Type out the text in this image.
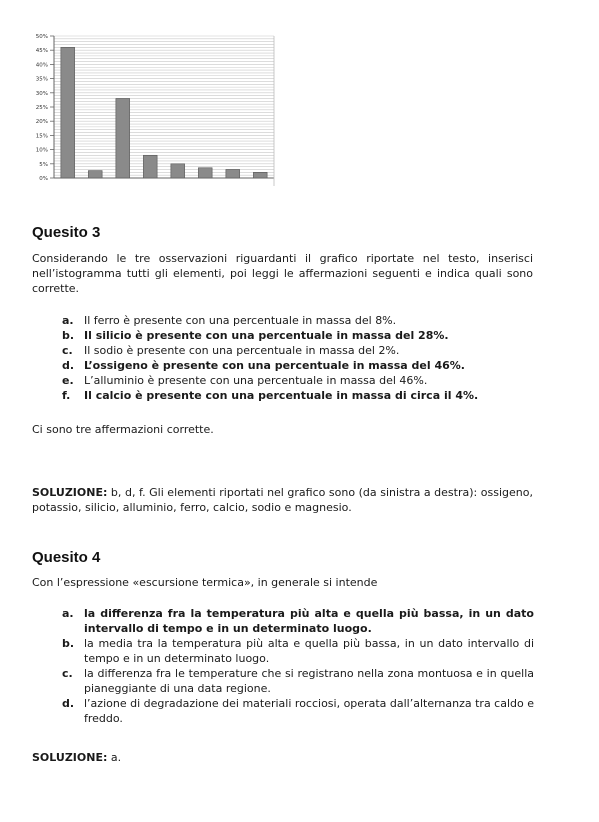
0%
5%
10%
15%
20%
25%
30%
35%
40%
45%
50%
Quesito 3
Considerando le tre osservazioni riguardanti il grafico riportate nel testo, inserisci nell’istogramma tutti gli elementi, poi leggi le affermazioni seguenti e indica quali sono corrette.
a. Il ferro è presente con una percentuale in massa del 8%.
b. Il silicio è presente con una percentuale in massa del 28%.
c. Il sodio è presente con una percentuale in massa del 2%.
d. L’ossigeno è presente con una percentuale in massa del 46%.
e. L’alluminio è presente con una percentuale in massa del 46%.
f. Il calcio è presente con una percentuale in massa di circa il 4%.
Ci sono tre affermazioni corrette.
SOLUZIONE: b, d, f. Gli elementi riportati nel grafico sono (da sinistra a destra): ossigeno, potassio, silicio, alluminio, ferro, calcio, sodio e magnesio.
Quesito 4
Con l’espressione «escursione termica», in generale si intende
a. la differenza fra la temperatura più alta e quella più bassa, in un dato intervallo di tempo e in un determinato luogo.
b. la media tra la temperatura più alta e quella più bassa, in un dato intervallo di tempo e in un determinato luogo.
c. la differenza fra le temperature che si registrano nella zona montuosa e in quella pianeggiante di una data regione.
d. l’azione di degradazione dei materiali rocciosi, operata dall’alternanza tra caldo e freddo.
SOLUZIONE: a.
